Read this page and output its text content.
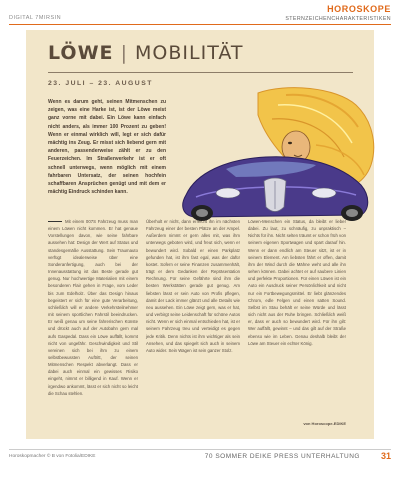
DIGITAL 7MIRSIN
HOROSKOPE
STERNZEICHENCHARAKTERISTIKEN
LÖWE | MOBILITÄT
23. JULI – 23. AUGUST
Wenn es darum geht, seinen Mitmenschen zu zeigen, was eine Harke ist, ist der Löwe meist ganz vorne mit dabei. Ein Löwe kann einfach nicht anders, als immer 100 Prozent zu geben! Wenn er einmal wirklich will, legt er sich dafür mächtig ins Zeug. Er misst sich liebend gern mit anderen, passenderweise zählt er zu den Feuerzeichen. Im Straßenverkehr ist er oft schnell unterwegs, wenn möglich mit einem fahrbaren Untersatz, der seinen hochfein schaffbaren Ansprüchen genügt und mit dem er mächtig Eindruck schinden kann.
Mit einem 007S Fahrzeug muss man einem Löwen nicht kommen. Er hat genaue Vorstellungen davon, wie seine fahrbare aussehen hat: Design der Wert auf Status und standesgemäße Ausstattung. Sein Traumauto verfügt idealerweise über eine Sonderanfertigung, auch bei der Innenausstattung ist das Beste gerade gut genug. Nur hochwertige Materialien mit einem besonderen Flair gehen in Frage, vom Leder bis zum Edelholz. Über das Design hinaus begeistert er sich für eine gute Verarbeitung, schließlich will er andere Verkehrsteilnehmer mit seinem sportlichen Fahrstil beeindrucken. Er weiß genau um seine fahrerischen Künste und drückt auch auf der Autobahn gern mal aufs Gaspedal. Dass ein Löwe auffällt, kommt nicht von ungefähr. Geschwindigkeit und Stil vereinen sich bei ihm zu einem selbstbewussten Auftritt, der seinen Mitmenschen Respekt abverlangt. Dass er dabei auch einmal ein gewisses Risiko eingeht, nimmt er billigend in Kauf. Wenn er irgendwo ankommt, lässt er sich nicht so leicht die Schau stehlen.
Überholt er nicht, dann erreicht ihn im nächsten Fahrzeug einer der besten Plätze an der Ampel. Außerdem nimmt er gern alles mit, was ihm unterwegs geboten wird, und freut sich, wenn er bewundert wird. Sobald er einen Parkplatz gefunden hat, ist ihm fast egal, was der dafür kostet. Sofern er seine Finanzen zusammenhält, trägt er dem Gedanken der Repräsentation Rechnung. Für seine Gefährte sind ihm die besten Werkstätten gerade gut genug. Am liebsten lässt er sein Auto von Profis pflegen, damit der Lack immer glänzt und alle Details wie neu aussehen. Ein Löwe zeigt gern, was er hat, und verbirgt seine Leidenschaft für schöne Autos nicht. Wenn er sich einmal entschieden hat, ist er seinem Fahrzeug treu und verteidigt es gegen jede Kritik. Denn nichts ist ihm wichtiger als sein Ansehen, und das spiegelt sich auch in seinem Auto wider. Sein Wagen ist sein ganzer Stolz.
Löwen-Menschen ein Status, da bleibt er lieber dabei. Zu laut, zu schnäufig, zu unpraktisch – Nichts für ihn. Nicht selten träumt er schon früh von seinem eigenen Sportwagen und spart darauf hin. Wenn er dann endlich am Steuer sitzt, ist er in seinem Element. Am liebsten fährt er offen, damit ihm der Wind durch die Mähne weht und alle ihn sehen können. Dabei achtet er auf saubere Linien und perfekte Proportionen. Für einen Löwen ist ein Auto ein Ausdruck seiner Persönlichkeit und nicht nur ein Fortbewegungsmittel. Er liebt glänzendes Chrom, edle Felgen und einen satten Sound. Selbst im Stau behält er seine Würde und lässt sich nicht aus der Ruhe bringen. Schließlich weiß er, dass er auch so bewundert wird. Für ihn gilt: Wer auffällt, gewinnt – und das gilt auf der Straße ebenso wie im Leben. Genau deshalb bleibt der Löwe am Steuer ein echter König.
von Horoscope-EDIKE
Horoskopmacher © B von Fotolia/EDIKE	70 SOMMER DEIKE PRESS UNTERHALTUNG 31
